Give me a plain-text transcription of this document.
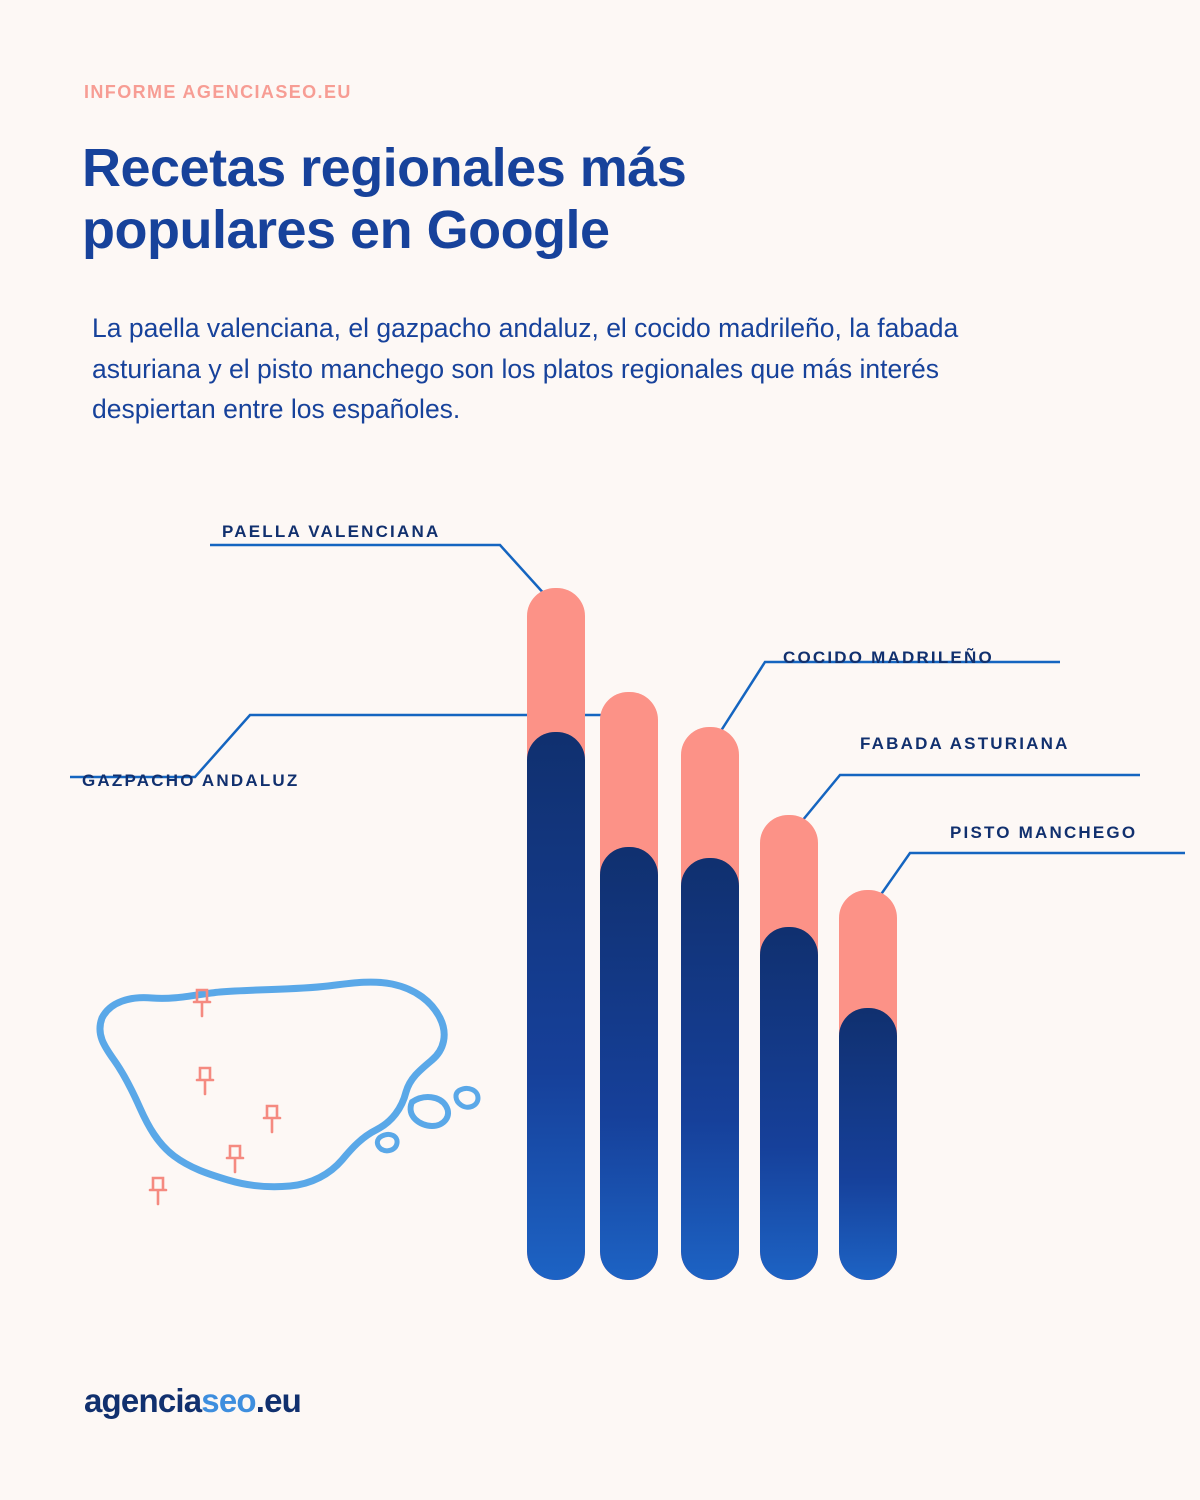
INFORME AGENCIASEO.EU
Recetas regionales más populares en Google
La paella valenciana, el gazpacho andaluz, el cocido madrileño, la fabada asturiana y el pisto manchego son los platos regionales que más interés despiertan entre los españoles.
PAELLA VALENCIANA
GAZPACHO ANDALUZ
COCIDO MADRILEÑO
FABADA ASTURIANA
PISTO MANCHEGO
agenciaseo.eu
